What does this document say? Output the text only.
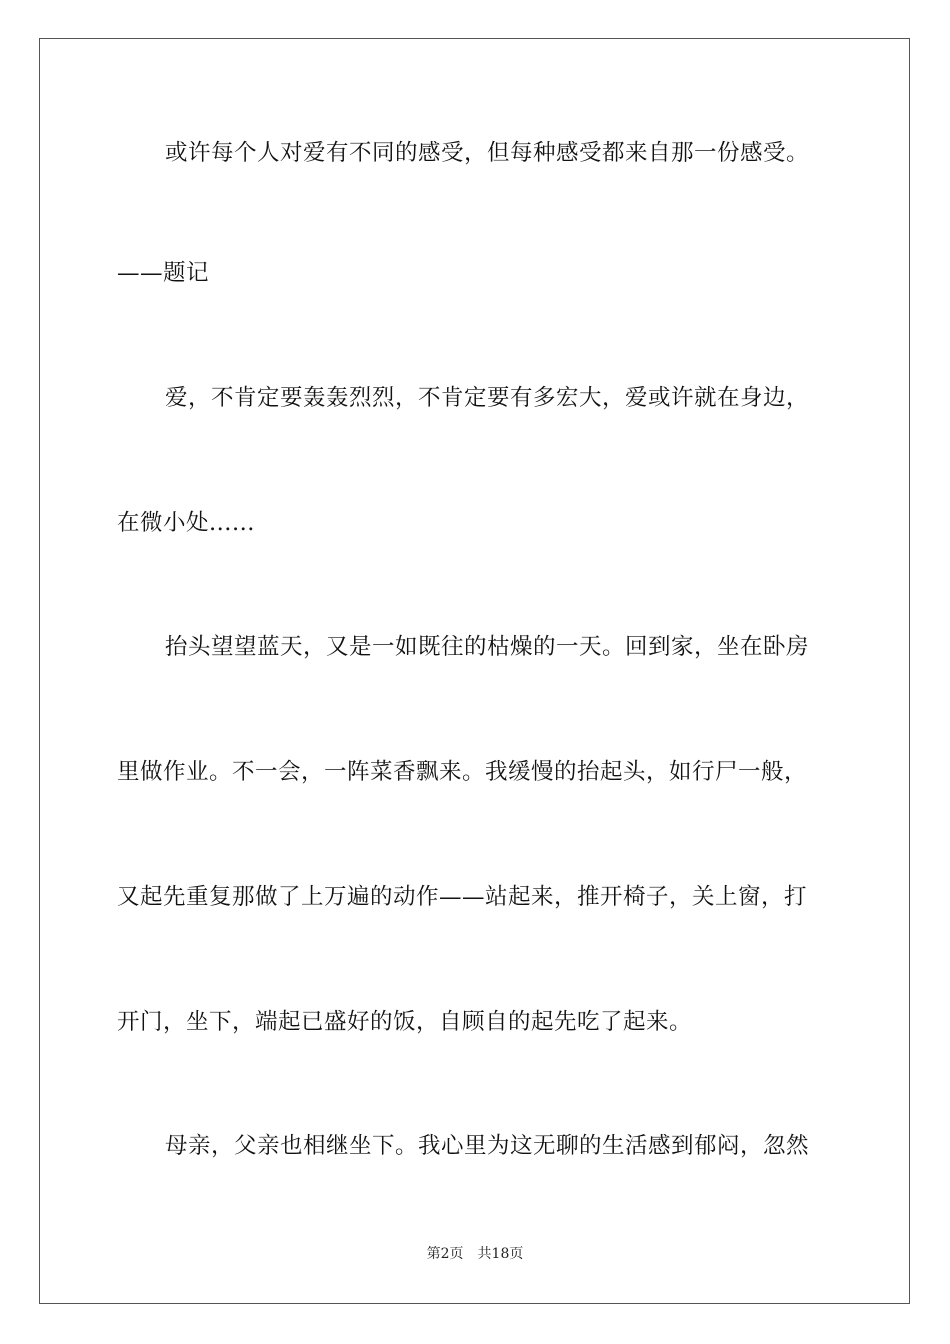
或许每个人对爱有不同的感受，但每种感受都来自那一份感受。
——题记
爱，不肯定要轰轰烈烈，不肯定要有多宏大，爱或许就在身边，
在微小处......
抬头望望蓝天，又是一如既往的枯燥的一天。回到家，坐在卧房
里做作业。不一会，一阵菜香飘来。我缓慢的抬起头，如行尸一般，
又起先重复那做了上万遍的动作——站起来，推开椅子，关上窗，打
开门，坐下，端起已盛好的饭，自顾自的起先吃了起来。
母亲，父亲也相继坐下。我心里为这无聊的生活感到郁闷，忽然
第2页 共18页
